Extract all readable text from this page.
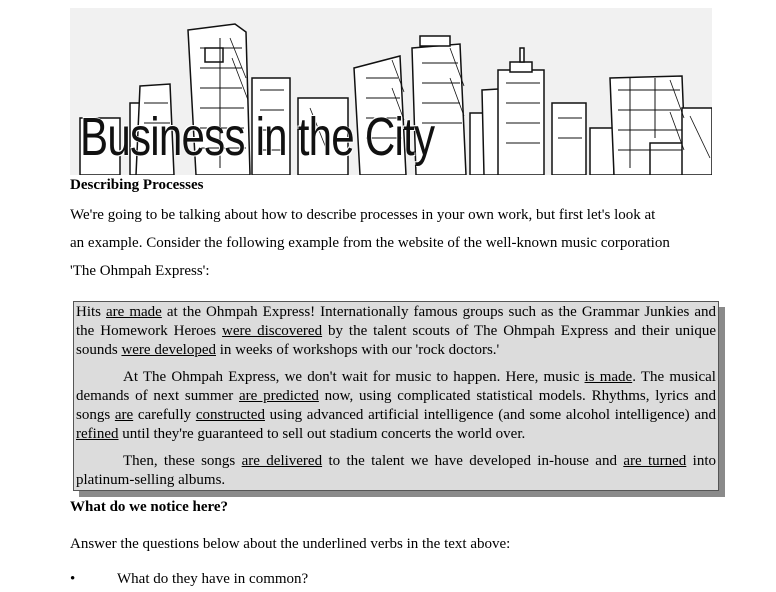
Business in the City
Describing Processes
We're going to be talking about how to describe processes in your own work, but first let's look at
an example. Consider the following example from the website of the well-known music corporation
'The Ohmpah Express':

Hits are made at the Ohmpah Express! Internationally famous groups such as the Grammar Junkies and the Homework Heroes were discovered by the talent scouts of The Ohmpah Express and their unique sounds were developed in weeks of workshops with our 'rock doctors.'

At The Ohmpah Express, we don't wait for music to happen. Here, music is made. The musical demands of next summer are predicted now, using complicated statistical models. Rhythms, lyrics and songs are carefully constructed using advanced artificial intelligence (and some alcohol intelligence) and refined until they're guaranteed to sell out stadium concerts the world over.

Then, these songs are delivered to the talent we have developed in-house and are turned into platinum-selling albums.

What do we notice here?
Answer the questions below about the underlined verbs in the text above:
•	What do they have in common?
